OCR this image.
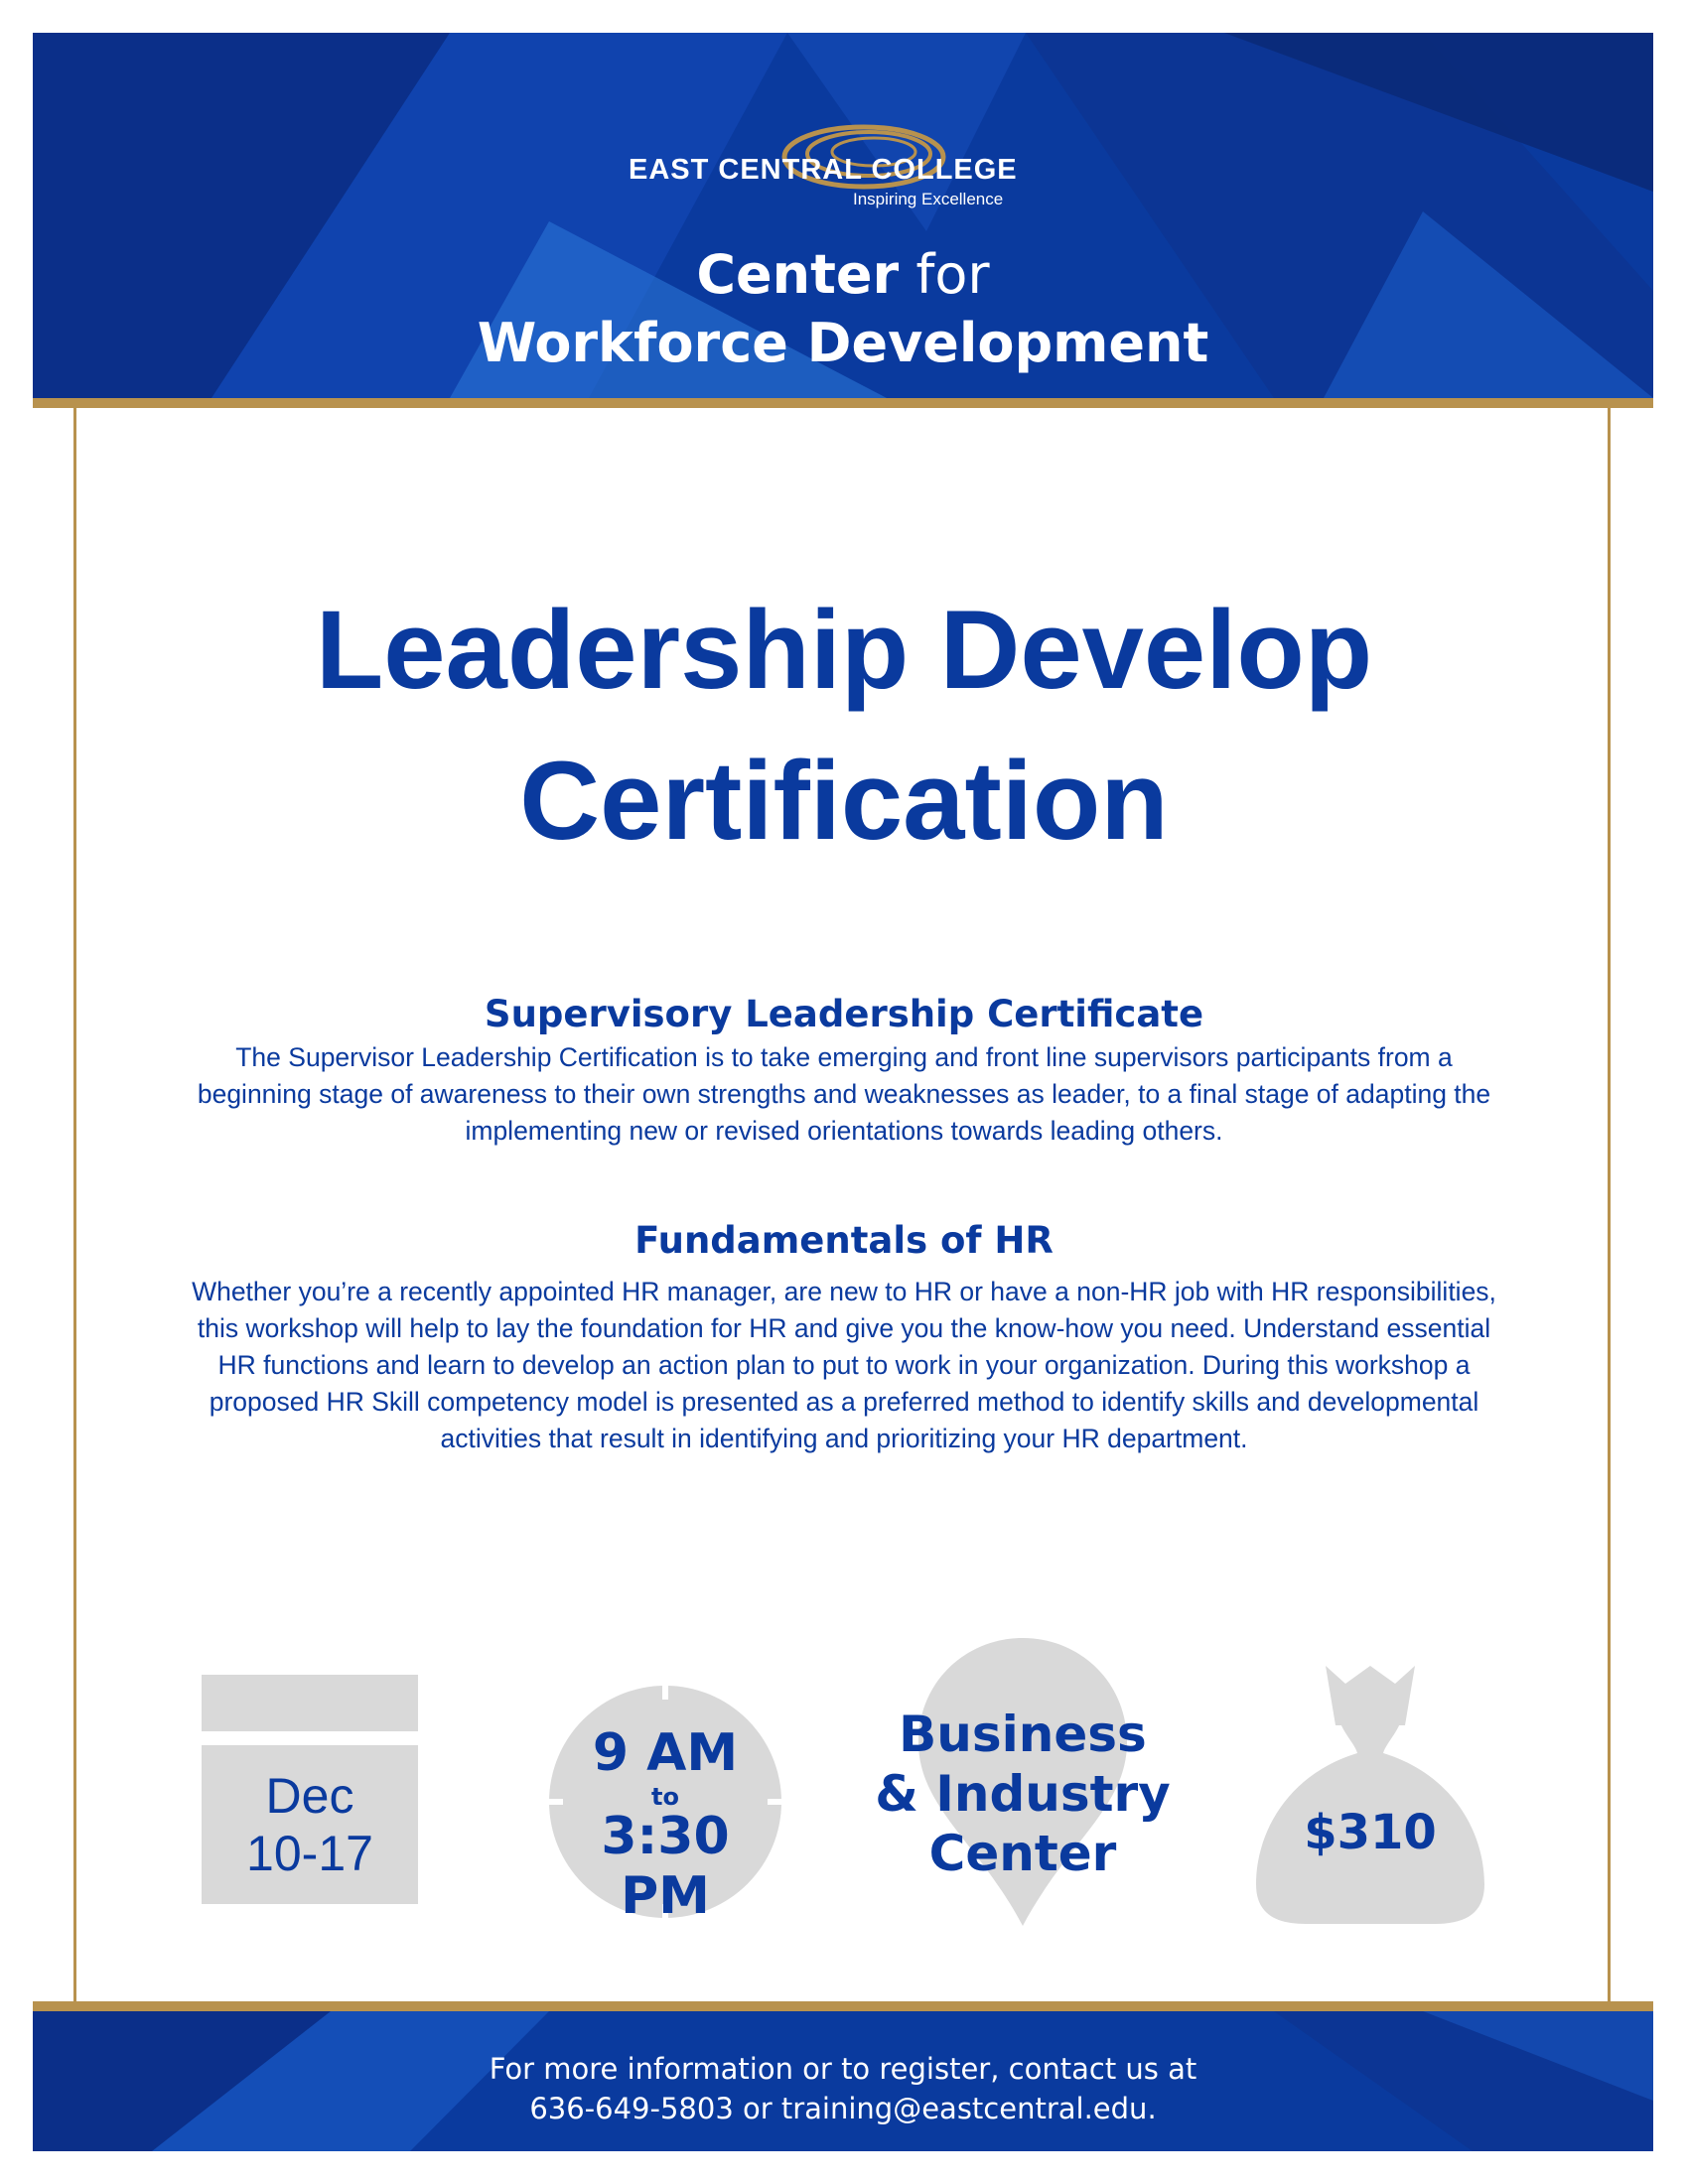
EAST CENTRAL COLLEGE
Inspiring Excellence
Center for
Workforce Development
Leadership Develop
Certification
Supervisory Leadership Certificate
The Supervisor Leadership Certification is to take emerging and front line supervisors participants from a beginning stage of awareness to their own strengths and weaknesses as leader, to a final stage of adapting the implementing new or revised orientations towards leading others.
Fundamentals of HR
Whether you’re a recently appointed HR manager, are new to HR or have a non-HR job with HR responsibilities, this workshop will help to lay the foundation for HR and give you the know-how you need. Understand essential HR functions and learn to develop an action plan to put to work in your organization. During this workshop a proposed HR Skill competency model is presented as a preferred method to identify skills and developmental activities that result in identifying and prioritizing your HR department.
Dec
10-17
9 AM
to
3:30 PM
Business
& Industry
Center	$310
For more information or to register, contact us at
636-649-5803 or training@eastcentral.edu.
